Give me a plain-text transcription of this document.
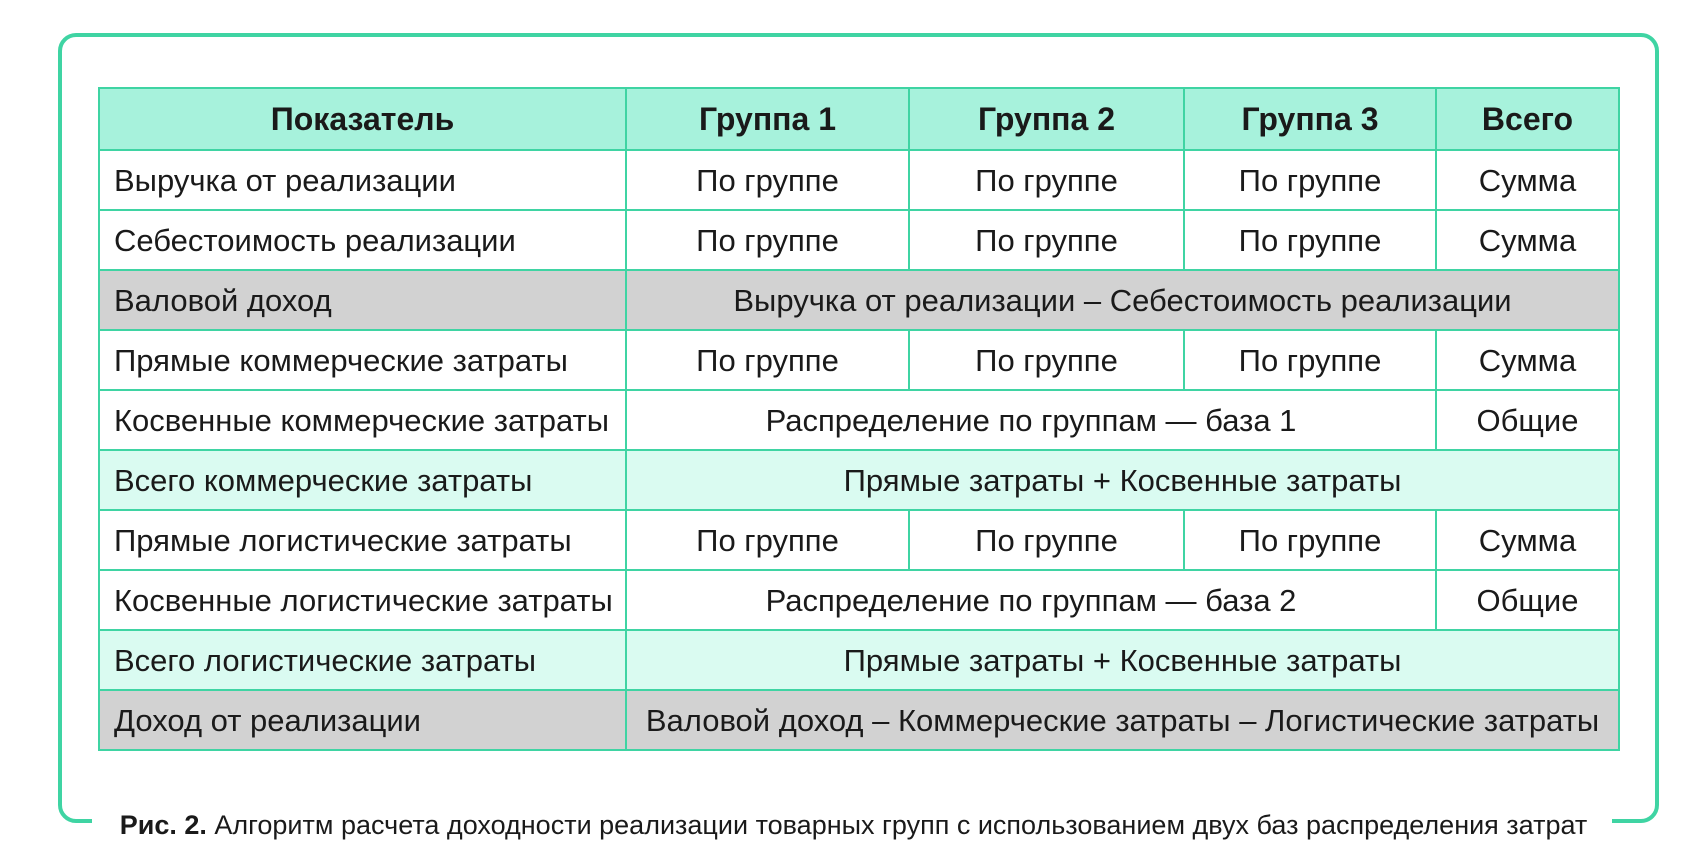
Показатель	Группа 1	Группа 2	Группа 3	Всего
Выручка от реализации	По группе	По группе	По группе	Сумма
Себестоимость реализации	По группе	По группе	По группе	Сумма
Валовой доход	Выручка от реализации – Себестоимость реализации			
Прямые коммерческие затраты	По группе	По группе	По группе	Сумма
Косвенные коммерческие затраты	Распределение по группам — база 1			Общие
Всего коммерческие затраты	Прямые затраты + Косвенные затраты			
Прямые логистические затраты	По группе	По группе	По группе	Сумма
Косвенные логистические затраты	Распределение по группам — база 2			Общие
Всего логистические затраты	Прямые затраты + Косвенные затраты			
Доход от реализации	Валовой доход – Коммерческие затраты – Логистические затраты			
Рис. 2. Алгоритм расчета доходности реализации товарных групп с использованием двух баз распределения затрат
